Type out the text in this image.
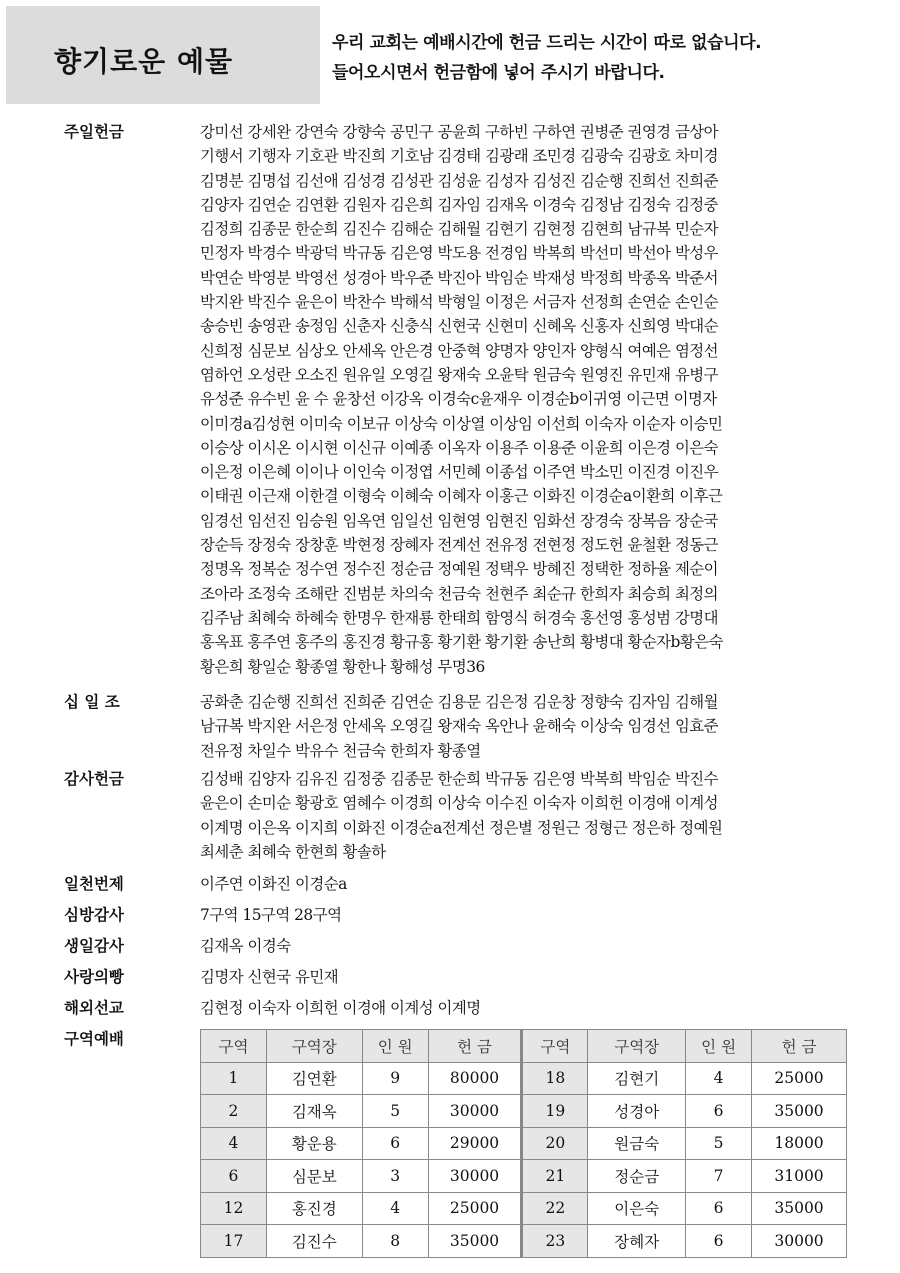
향기로운 예물
우리 교회는 예배시간에 헌금 드리는 시간이 따로 없습니다.
들어오시면서 헌금함에 넣어 주시기 바랍니다.
주일헌금	강미선 강세완 강연숙 강향숙 공민구 공윤희 구하빈 구하연 권병준 권영경 금상아
기행서 기행자 기호관 박진희 기호남 김경태 김광래 조민경 김광숙 김광호 차미경
김명분 김명섭 김선애 김성경 김성관 김성윤 김성자 김성진 김순행 진희선 진희준
김양자 김연순 김연환 김원자 김은희 김자임 김재옥 이경숙 김정남 김정숙 김정중
김정희 김종문 한순희 김진수 김해순 김해월 김현기 김현정 김현희 남규복 민순자
민정자 박경수 박광덕 박규동 김은영 박도용 전경임 박복희 박선미 박선아 박성우
박연순 박영분 박영선 성경아 박우준 박진아 박임순 박재성 박정희 박종옥 박준서
박지완 박진수 윤은이 박찬수 박해석 박형일 이정은 서금자 선정희 손연순 손인순
송승빈 송영관 송정임 신춘자 신충식 신현국 신현미 신혜옥 신홍자 신희영 박대순
신희정 심문보 심상오 안세옥 안은경 안중혁 양명자 양인자 양형식 여예은 염정선
염하언 오성란 오소진 원유일 오영길 왕재숙 오윤탁 원금숙 원영진 유민재 유병구
유성준 유수빈 윤 수 윤창선 이강옥 이경숙c윤재우 이경순b이귀영 이근면 이명자
이미경a김성현 이미숙 이보규 이상숙 이상열 이상임 이선희 이숙자 이순자 이승민
이승상 이시온 이시현 이신규 이예종 이옥자 이용주 이용준 이윤희 이은경 이은숙
이은정 이은혜 이이나 이인숙 이정엽 서민혜 이종섭 이주연 박소민 이진경 이진우
이태권 이근재 이한결 이형숙 이혜숙 이혜자 이홍근 이화진 이경순a이환희 이후근
임경선 임선진 임승원 임옥연 임일선 임현영 임현진 임화선 장경숙 장복음 장순국
장순득 장정숙 장창훈 박현정 장혜자 전계선 전유정 전현정 정도헌 윤철환 정동근
정명옥 정복순 정수연 정수진 정순금 정예원 정택우 방혜진 정택한 정하율 제순이
조아라 조정숙 조해란 진범분 차의숙 천금숙 천현주 최순규 한희자 최승희 최정의
김주남 최혜숙 하혜숙 한명우 한재룡 한태희 함영식 허경숙 홍선영 홍성범 강명대
홍옥표 홍주연 홍주의 홍진경 황규홍 황기환 황기환 송난희 황병대 황순자b황은숙
황은희 황일순 황종열 황한나 황해성 무명36
십 일 조	공화춘 김순행 진희선 진희준 김연순 김용문 김은정 김운창 정향숙 김자임 김해월
남규복 박지완 서은정 안세옥 오영길 왕재숙 옥안나 윤해숙 이상숙 임경선 임효준
전유정 차일수 박유수 천금숙 한희자 황종열
감사헌금	김성배 김양자 김유진 김정중 김종문 한순희 박규동 김은영 박복희 박임순 박진수
윤은이 손미순 황광호 염혜수 이경희 이상숙 이수진 이숙자 이희헌 이경애 이계성
이계명 이은옥 이지희 이화진 이경순a전계선 정은별 정원근 정형근 정은하 정예원
최세춘 최혜숙 한현희 황솔하
일천번제	이주연 이화진 이경순a
심방감사	7구역 15구역 28구역
생일감사	김재옥 이경숙
사랑의빵	김명자 신현국 유민재
해외선교	김현정 이숙자 이희헌 이경애 이계성 이계명
구역예배	구역	구역장	인 원	헌 금	구역	구역장	인 원	헌 금
1	김연환	9	80000	18	김현기	4	25000
2	김재옥	5	30000	19	성경아	6	35000
4	황운용	6	29000	20	원금숙	5	18000
6	심문보	3	30000	21	정순금	7	31000
12	홍진경	4	25000	22	이은숙	6	35000
17	김진수	8	35000	23	장혜자	6	30000
